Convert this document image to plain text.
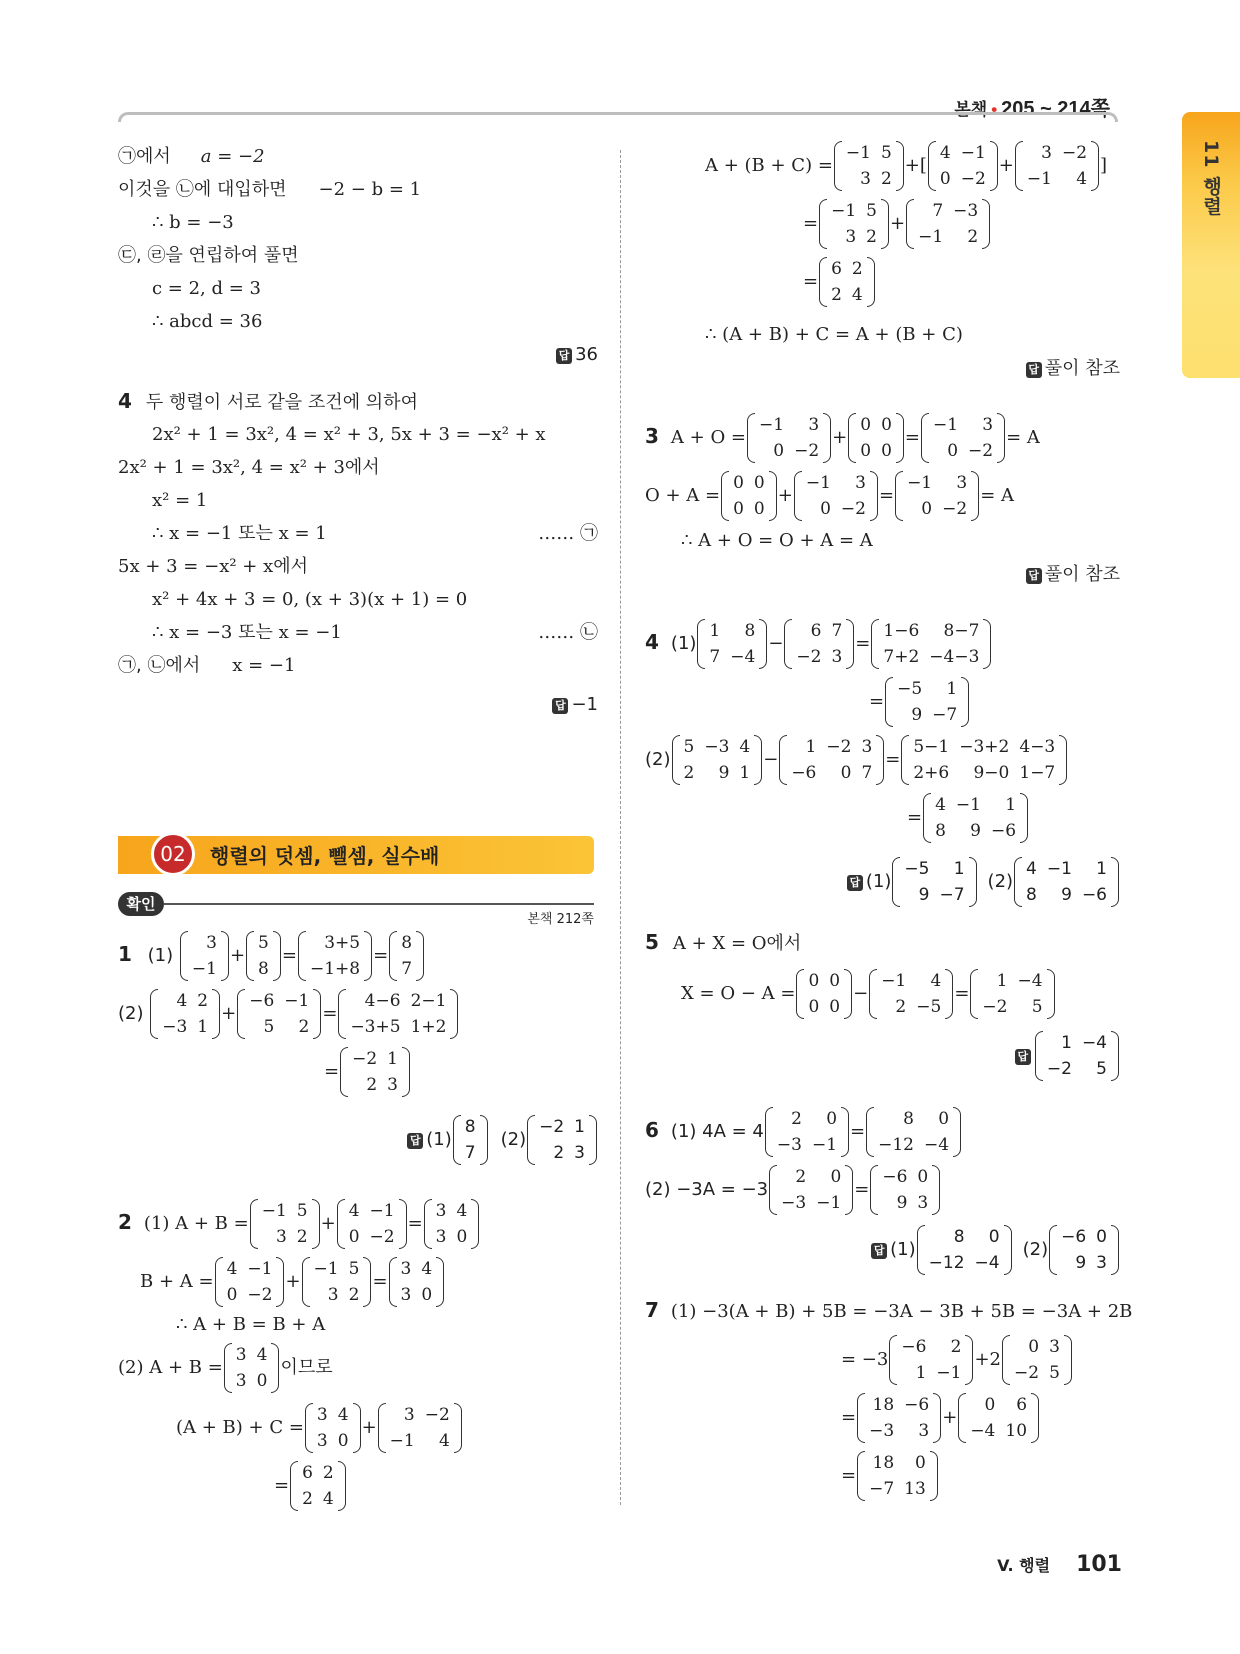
본책 • 205 ~ 214쪽
11 행렬
㉠에서 a = −2
이것을 ㉡에 대입하면 −2 − b = 1
∴ b = −3
㉢, ㉣을 연립하여 풀면
c = 2, d = 3
∴ abcd = 36
답 36
4 두 행렬이 서로 같을 조건에 의하여
2x² + 1 = 3x², 4 = x² + 3, 5x + 3 = −x² + x
2x² + 1 = 3x², 4 = x² + 3에서
x² = 1
∴ x = −1 또는 x = 1	…… ㉠
5x + 3 = −x² + x에서
x² + 4x + 3 = 0, (x + 3)(x + 1) = 0
∴ x = −3 또는 x = −1	…… ㉡
㉠, ㉡에서 x = −1
답 −1
02	행렬의 덧셈, 뺄셈, 실수배
확인
본책 212쪽
1 (1)
3
−1
+
5
8
=
3+5
−1+8
=
8
7
(2)
4	2
−3	1
+
−6	−1
5	2
=
4−6	2−1
−3+5	1+2
=
−2	1
2	3
답 (1)
8
7
(2)
−2	1
2	3
2 (1) A + B =
−1	5
3	2
+
4	−1
0	−2
=
3	4
3	0
B + A =
4	−1
0	−2
+
−1	5
3	2
=
3	4
3	0
∴ A + B = B + A
(2) A + B =
3	4
3	0
이므로
(A + B) + C =
3	4
3	0
+
3	−2
−1	4
=
6	2
2	4
A + (B + C) =
−1	5
3	2
+[
4	−1
0	−2
+
3	−2
−1	4
]
=
−1	5
3	2
+
7	−3
−1	2
=
6	2
2	4
∴ (A + B) + C = A + (B + C)
답 풀이 참조
3 A + O =
−1	3
0	−2
+
0	0
0	0
=
−1	3
0	−2
= A
O + A =
0	0
0	0
+
−1	3
0	−2
=
−1	3
0	−2
= A
∴ A + O = O + A = A
답 풀이 참조
4 (1)
1	8
7	−4
−
6	7
−2	3
=
1−6	8−7
7+2	−4−3
=
−5	1
9	−7
(2)
5	−3	4
2	9	1
−
1	−2	3
−6	0	7
=
5−1	−3+2	4−3
2+6	9−0	1−7
=
4	−1	1
8	9	−6
답 (1)
−5	1
9	−7
(2)
4	−1	1
8	9	−6
5 A + X = O에서
X = O − A =
0	0
0	0
−
−1	4
2	−5
=
1	−4
−2	5
답
1	−4
−2	5
6 (1) 4A = 4
2	0
−3	−1
=
8	0
−12	−4
(2) −3A = −3
2	0
−3	−1
=
−6	0
9	3
답 (1)
8	0
−12	−4
(2)
−6	0
9	3
7 (1) −3(A + B) + 5B = −3A − 3B + 5B = −3A + 2B
= −3
−6	2
1	−1
+2
0	3
−2	5
=
18	−6
−3	3
+
0	6
−4	10
=
18	0
−7	13
V. 행렬 101
